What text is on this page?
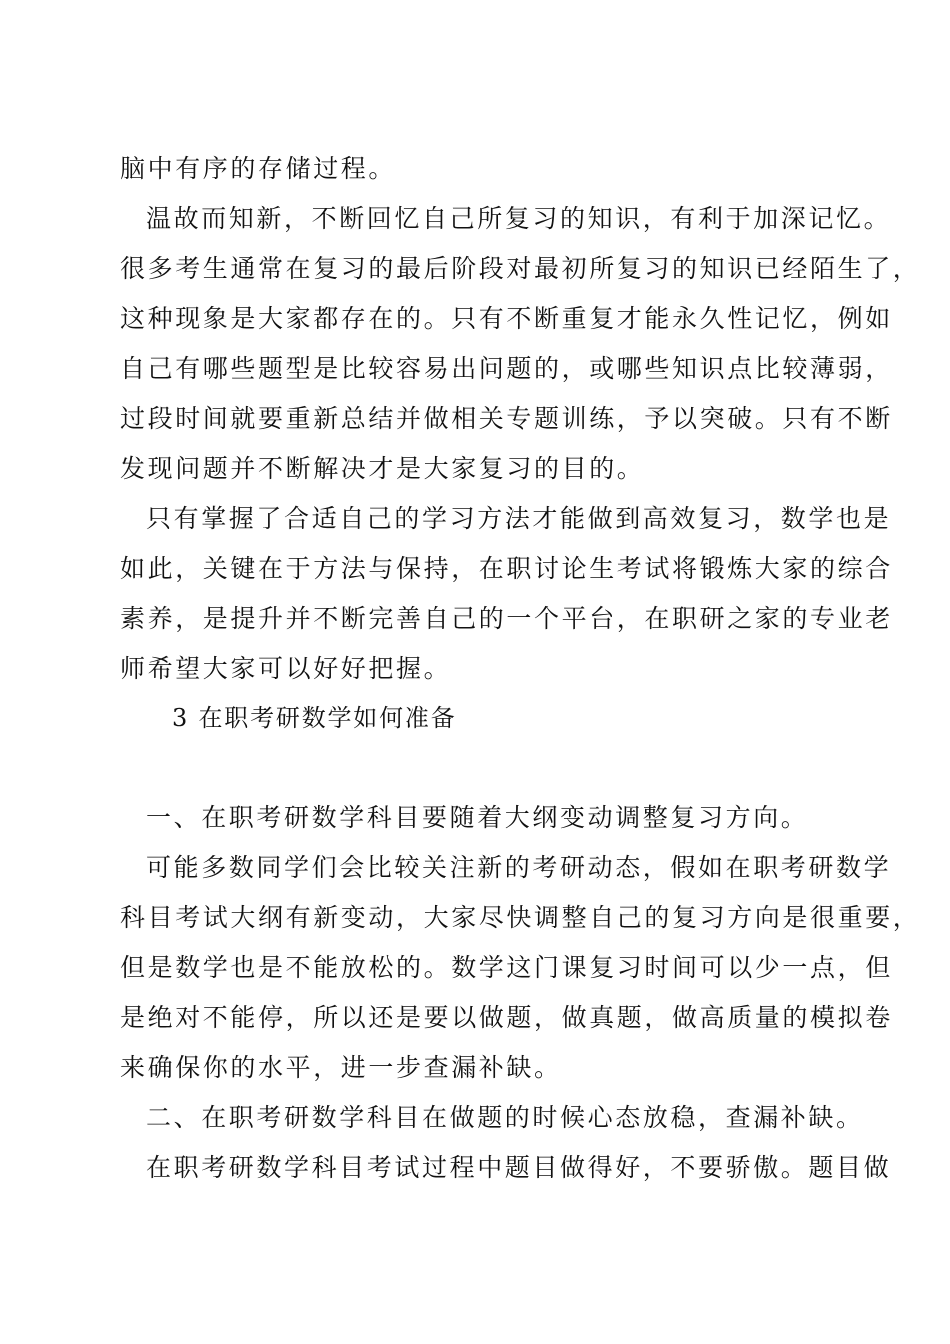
脑中有序的存储过程。
温故而知新，不断回忆自己所复习的知识，有利于加深记忆。
很多考生通常在复习的最后阶段对最初所复习的知识已经陌生了，
这种现象是大家都存在的。只有不断重复才能永久性记忆，例如
自己有哪些题型是比较容易出问题的，或哪些知识点比较薄弱，
过段时间就要重新总结并做相关专题训练，予以突破。只有不断
发现问题并不断解决才是大家复习的目的。
只有掌握了合适自己的学习方法才能做到高效复习，数学也是
如此，关键在于方法与保持，在职讨论生考试将锻炼大家的综合
素养，是提升并不断完善自己的一个平台，在职研之家的专业老
师希望大家可以好好把握。
3 在职考研数学如何准备
一、在职考研数学科目要随着大纲变动调整复习方向。
可能多数同学们会比较关注新的考研动态，假如在职考研数学
科目考试大纲有新变动，大家尽快调整自己的复习方向是很重要，
但是数学也是不能放松的。数学这门课复习时间可以少一点，但
是绝对不能停，所以还是要以做题，做真题，做高质量的模拟卷
来确保你的水平，进一步查漏补缺。
二、在职考研数学科目在做题的时候心态放稳，查漏补缺。
在职考研数学科目考试过程中题目做得好，不要骄傲。题目做
